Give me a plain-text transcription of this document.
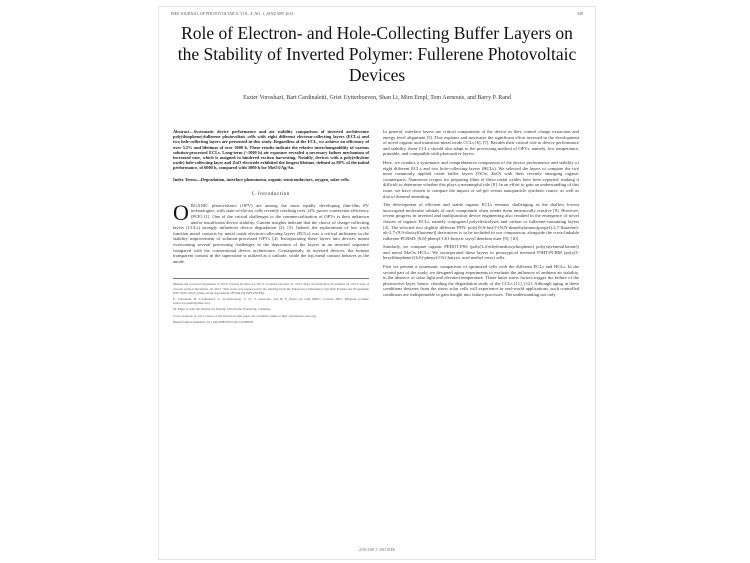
IEEE JOURNAL OF PHOTOVOLTAICS, VOL. 4, NO. 1, JANUARY 2014	349
Role of Electron- and Hole-Collecting Buffer Layers on the Stability of Inverted Polymer: Fullerene Photovoltaic Devices
Eszter Voroshazi, Bart Cardinaletti, Griet Uytterhoeven, Shan Li, Mirn Empl, Tom Aernouts, and Barry P. Rand

Abstract—Systematic device performance and air stability comparison of inverted architecture poly(thiophene):fullerene photovoltaic cells with eight different electron-collecting layers (ECLs) and two hole-collecting layers are presented in this study. Regardless of the ECL, we achieve an efficiency of over 3.5% and lifetimes of over 3000 h. These results indicate the relative interchangeability of various solution-processed ECLs. Long-term (>1000 h) air exposure revealed a necessary failure mechanism of increased rate, which is assigned to hindered exciton harvesting. Notably, devices with a poly(ethylene oxide) hole-collecting layer and ZnO electrode exhibited the longest lifetime, defined as 80% of the initial performance, of 6000 h, compared with 3000 h for MoO3/Ag/Au.

Index Terms—Degradation, interface phenomena, organic semiconductors, oxygen, solar cells.

I. Introduction

ORGANIC photovoltaics (OPV) are among the most rapidly developing thin-film PV technologies, with state-of-the-art cells recently reaching over 12% power conversion efficiency (PCE) [1]. One of the critical challenges to the commercialization of OPVs is their unknown and/or insufficient device stability. Current insights indicate that the choice of charge-collecting layers (CCLs) strongly influences device degradation [2], [3]. Indeed, the replacement of low work function metal contacts by metal oxide electron-collecting layers (ECLs) was a critical milestone in the stability improvement of solution-processed OPVs [4]. Incorporating these layers into devices meant overcoming several processing challenges in the deposition of the layers in an inverted sequence compared with the conventional device architecture. Consequently, in inverted devices, the bottom transparent contact in the superstrate is utilized as a cathode, while the top metal contact behaves as the anode.

Manuscript received September 6, 2013; revised October 22, 2013; accepted October 31, 2013. Date of publication November 22, 2013; date of current version December 16, 2013. This work was supported by the funding from the European Community's Seventh Framework Programme (FP7/2007-2013) under Grant Agreement 287594 (SUNFLOWER).

E. Voroshazi, B. Cardinaletti, G. Uytterhoeven, S. Li, T. Aernouts, and B. P. Rand are with IMEC, Leuven 3001, Belgium (e-mail: eszter.voroshazi@imec.be).

M. Empl is with the Institut fur Physik, Universitat Wurzburg, Germany.

Color versions of one or more of the figures in this paper are available online at http://ieeexplore.ieee.org.

Digital Object Identifier 10.1109/JPHOTOV.2013.2289935

In general, interface layers are critical components of the device as they control charge extraction and energy level alignment [5]. This explains and motivates the significant effort invested in the development of novel organic and transition metal oxide CCLs [6], [7]. Besides their critical role in device performance and stability, these CCLs should also adapt to the processing method of OPVs, namely, low temperature, printable, and compatible with photoactive layers.

Here, we conduct a systematic and comprehensive comparison of the device performance and stability of eight different ECLs and two hole-collecting layers (HCLs). We selected the layers to compare the two most commonly applied oxide buffer layers (TiOx, ZnO) with their recently emerging organic counterparts. Numerous recipes for preparing films of these metal oxides have been reported, making it difficult to determine whether this plays a meaningful role [8]. In an effort to gain an understanding of this issue, we have chosen to compare the impact of sol-gel versus nanoparticle synthetic routes, as well as that of thermal annealing.

The development of efficient and stable organic ECLs remains challenging as the shallow lowest unoccupied molecular orbitals of such compounds often render them intrinsically reactive [9]. However, recent progress in inverted and multijunction device engineering also resulted in the emergence of novel classes of organic ECLs, namely conjugated polyelectrolytes and carbon or fullerene-containing layers [4]. The selected two slightly different PFN: poly[(9,9-bis(3'-(N,N-dimethylamino)propyl)-2,7-fluorene)-alt-2,7-(9,9-dioctylfluorene)] derivatives is to be included in our comparison, alongside the cross-linkable fullerene PCBSD: [6,6]-phenyl-C61-butyric styryl dendron ester [9], [10].

Similarly, we compare organic PEDOT:PSS (poly(3,4-ethylenedioxythiophene) poly(styrenesulfonate)) and metal MoOx HCLs. We incorporated these layers in prototypical inverted P3HT:PCBM (poly(3-hexylthiophene):[6,6]-phenyl-C61-butyric acid methyl ester) cells.

First we present a systematic comparison of optimized cells with the different ECLs and HCLs. In the second part of the study, we designed aging experiments to evaluate the influence of ambient air stability, in the absence of solar light and elevated temperature. These latter stress factors trigger the failure of the photoactive layer, hence, clouding the degradation study of the CCLs [11], [12]. Although aging in these conditions deviates from the stress solar cells will experience in real-world applications, such controlled conditions are indispensable to gain insight into failure processes. The understanding not only

2156-3381 © 2013 IEEE
